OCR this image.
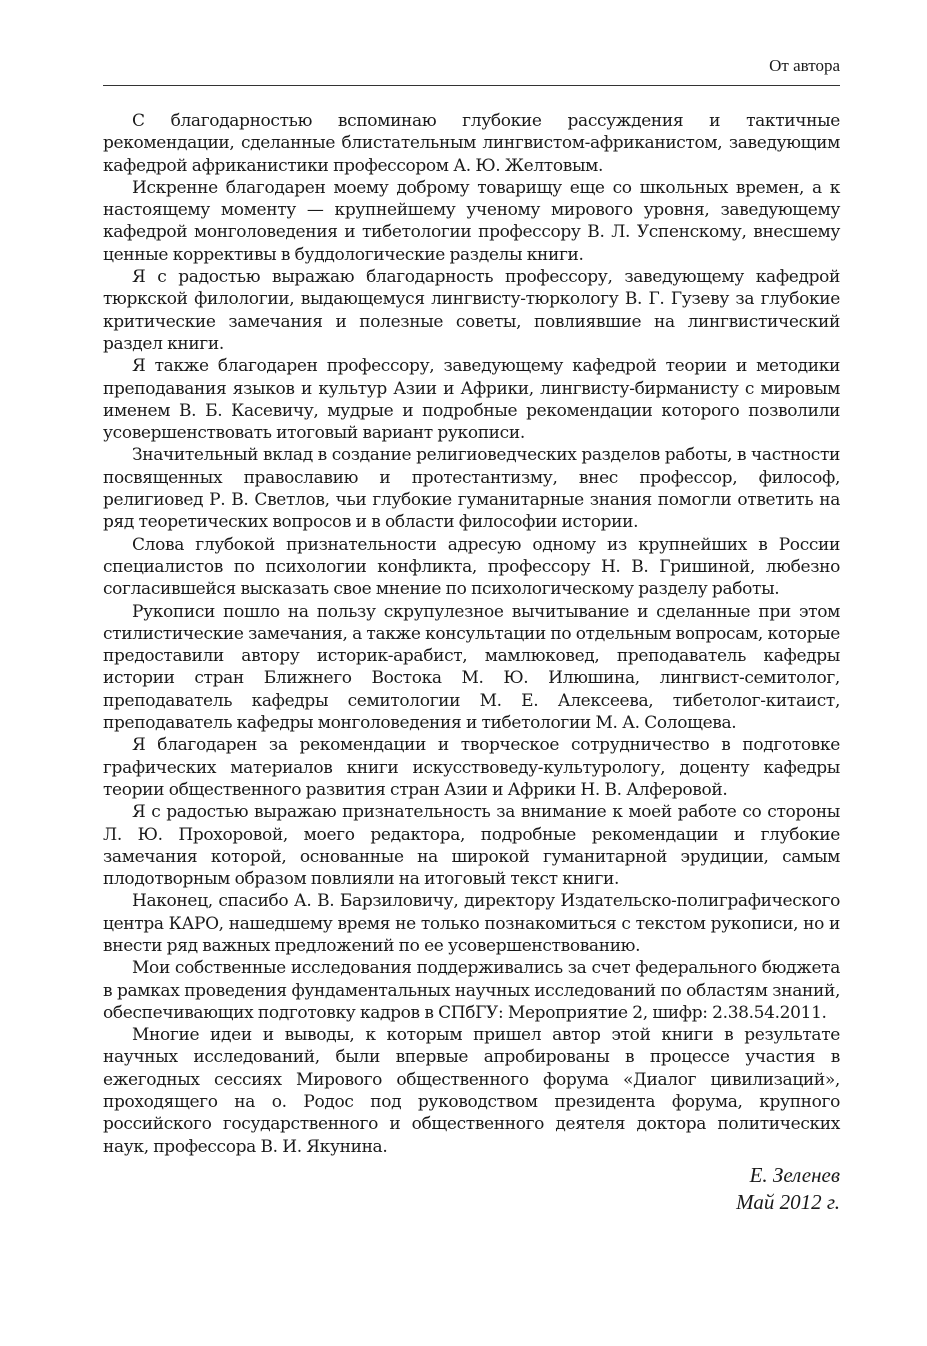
От автора

С благодарностью вспоминаю глубокие рассуждения и тактичные рекомендации, сделанные блистательным лингвистом-африканистом, заведующим кафедрой африканистики профессором А. Ю. Желтовым.

Искренне благодарен моему доброму товарищу еще со школьных времен, а к настоящему моменту — крупнейшему ученому мирового уровня, заведующему кафедрой монголоведения и тибетологии профессору В. Л. Успенскому, внесшему ценные коррективы в буддологические разделы книги.

Я с радостью выражаю благодарность профессору, заведующему кафедрой тюркской филологии, выдающемуся лингвисту-тюркологу В. Г. Гузеву за глубокие критические замечания и полезные советы, повлиявшие на лингвистический раздел книги.

Я также благодарен профессору, заведующему кафедрой теории и методики преподавания языков и культур Азии и Африки, лингвисту-бирманисту с мировым именем В. Б. Касевичу, мудрые и подробные рекомендации которого позволили усовершенствовать итоговый вариант рукописи.

Значительный вклад в создание религиоведческих разделов работы, в частности посвященных православию и протестантизму, внес профессор, философ, религиовед Р. В. Светлов, чьи глубокие гуманитарные знания помогли ответить на ряд теоретических вопросов и в области философии истории.

Слова глубокой признательности адресую одному из крупнейших в России специалистов по психологии конфликта, профессору Н. В. Гришиной, любезно согласившейся высказать свое мнение по психологическому разделу работы.

Рукописи пошло на пользу скрупулезное вычитывание и сделанные при этом стилистические замечания, а также консультации по отдельным вопросам, которые предоставили автору историк-арабист, мамлюковед, преподаватель кафедры истории стран Ближнего Востока М. Ю. Илюшина, лингвист-семитолог, преподаватель кафедры семитологии М. Е. Алексеева, тибетолог-китаист, преподаватель кафедры монголоведения и тибетологии М. А. Солощева.

Я благодарен за рекомендации и творческое сотрудничество в подготовке графических материалов книги искусствоведу-культурологу, доценту кафедры теории общественного развития стран Азии и Африки Н. В. Алферовой.

Я с радостью выражаю признательность за внимание к моей работе со стороны Л. Ю. Прохоровой, моего редактора, подробные рекомендации и глубокие замечания которой, основанные на широкой гуманитарной эрудиции, самым плодотворным образом повлияли на итоговый текст книги.

Наконец, спасибо А. В. Барзиловичу, директору Издательско-полиграфического центра КАРО, нашедшему время не только познакомиться с текстом рукописи, но и внести ряд важных предложений по ее усовершенствованию.

Мои собственные исследования поддерживались за счет федерального бюджета в рамках проведения фундаментальных научных исследований по областям знаний, обеспечивающих подготовку кадров в СПбГУ: Мероприятие 2, шифр: 2.38.54.2011.

Многие идеи и выводы, к которым пришел автор этой книги в результате научных исследований, были впервые апробированы в процессе участия в ежегодных сессиях Мирового общественного форума «Диалог цивилизаций», проходящего на о. Родос под руководством президента форума, крупного российского государственного и общественного деятеля доктора политических наук, профессора В. И. Якунина.

Е. Зеленев
Май 2012 г.
